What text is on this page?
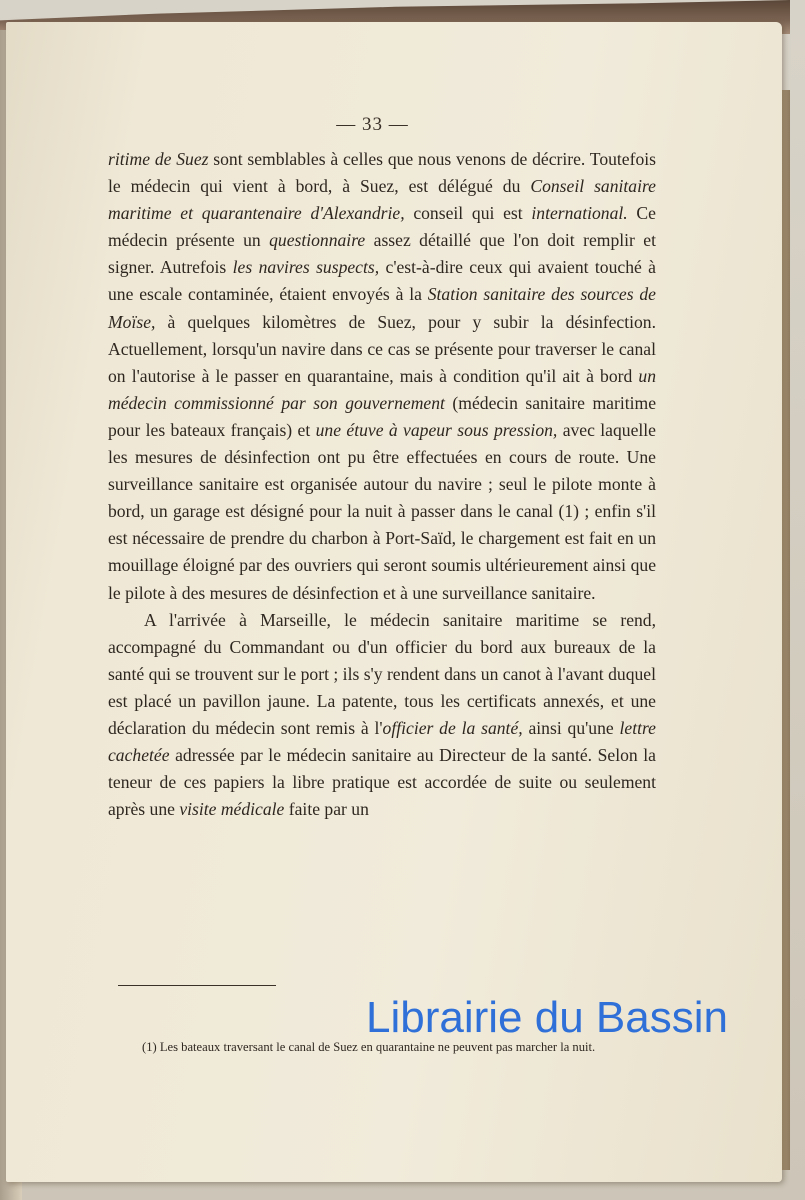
— 33 —

ritime de Suez sont semblables à celles que nous venons de décrire. Toutefois le médecin qui vient à bord, à Suez, est délégué du Conseil sanitaire maritime et quarantenaire d'Alexandrie, conseil qui est international. Ce médecin présente un questionnaire assez détaillé que l'on doit remplir et signer. Autrefois les navires suspects, c'est-à-dire ceux qui avaient touché à une escale contaminée, étaient envoyés à la Station sanitaire des sources de Moïse, à quelques kilomètres de Suez, pour y subir la désinfection. Actuellement, lorsqu'un navire dans ce cas se présente pour traverser le canal on l'autorise à le passer en quarantaine, mais à condition qu'il ait à bord un médecin commissionné par son gouvernement (médecin sanitaire maritime pour les bateaux français) et une étuve à vapeur sous pression, avec laquelle les mesures de désinfection ont pu être effectuées en cours de route. Une surveillance sanitaire est organisée autour du navire ; seul le pilote monte à bord, un garage est désigné pour la nuit à passer dans le canal (1) ; enfin s'il est nécessaire de prendre du charbon à Port-Saïd, le chargement est fait en un mouillage éloigné par des ouvriers qui seront soumis ultérieurement ainsi que le pilote à des mesures de désinfection et à une surveillance sanitaire.

A l'arrivée à Marseille, le médecin sanitaire maritime se rend, accompagné du Commandant ou d'un officier du bord aux bureaux de la santé qui se trouvent sur le port ; ils s'y rendent dans un canot à l'avant duquel est placé un pavillon jaune. La patente, tous les certificats annexés, et une déclaration du médecin sont remis à l'officier de la santé, ainsi qu'une lettre cachetée adressée par le médecin sanitaire au Directeur de la santé. Selon la teneur de ces papiers la libre pratique est accordée de suite ou seulement après une visite médicale faite par un

(1) Les bateaux traversant le canal de Suez en quarantaine ne peuvent pas marcher la nuit.

Librairie du Bassin
